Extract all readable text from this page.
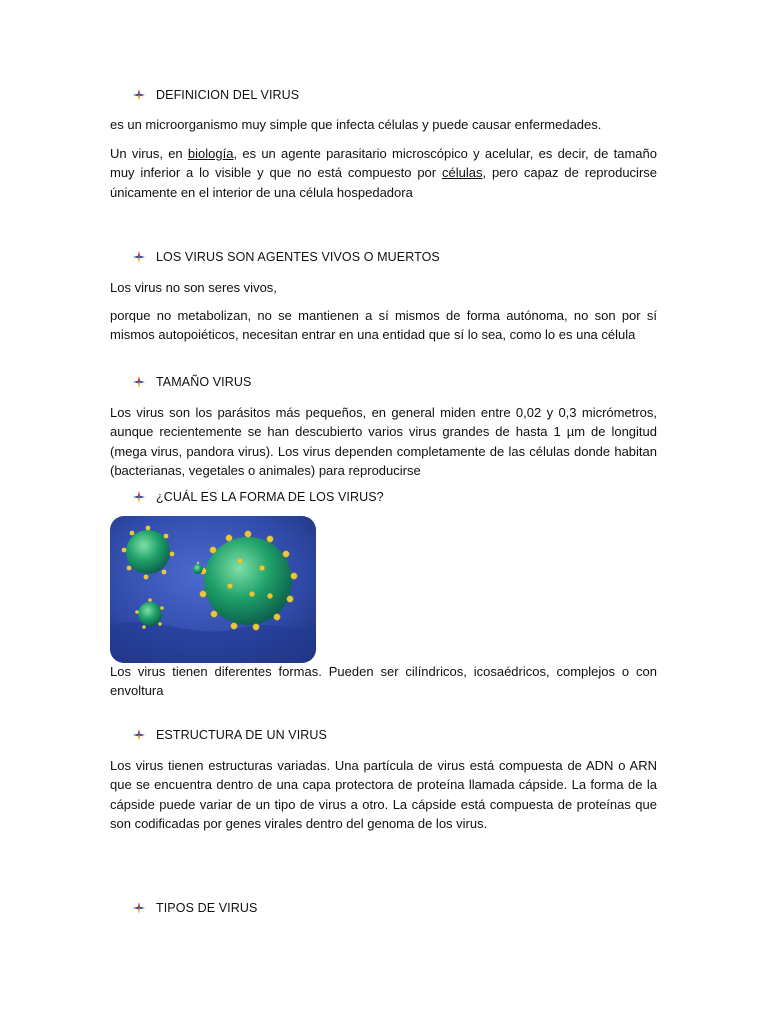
DEFINICION DEL VIRUS
es un microorganismo muy simple que infecta células y puede causar enfermedades.
Un virus, en biología, es un agente parasitario microscópico y acelular, es decir, de tamaño muy inferior a lo visible y que no está compuesto por células, pero capaz de reproducirse únicamente en el interior de una célula hospedadora
LOS VIRUS SON AGENTES VIVOS O MUERTOS
Los virus no son seres vivos,
porque no metabolizan, no se mantienen a sí mismos de forma autónoma, no son por sí mismos autopoiéticos, necesitan entrar en una entidad que sí lo sea, como lo es una célula
TAMAÑO VIRUS
Los virus son los parásitos más pequeños, en general miden entre 0,02 y 0,3 micrómetros, aunque recientemente se han descubierto varios virus grandes de hasta 1 µm de longitud (mega virus, pandora virus). Los virus dependen completamente de las células donde habitan (bacterianas, vegetales o animales) para reproducirse
¿CUÁL ES LA FORMA DE LOS VIRUS?
Los virus tienen diferentes formas. Pueden ser cilíndricos, icosaédricos, complejos o con envoltura
ESTRUCTURA DE UN VIRUS
Los virus tienen estructuras variadas. Una partícula de virus está compuesta de ADN o ARN que se encuentra dentro de una capa protectora de proteína llamada cápside. La forma de la cápside puede variar de un tipo de virus a otro. La cápside está compuesta de proteínas que son codificadas por genes virales dentro del genoma de los virus.
TIPOS DE VIRUS
